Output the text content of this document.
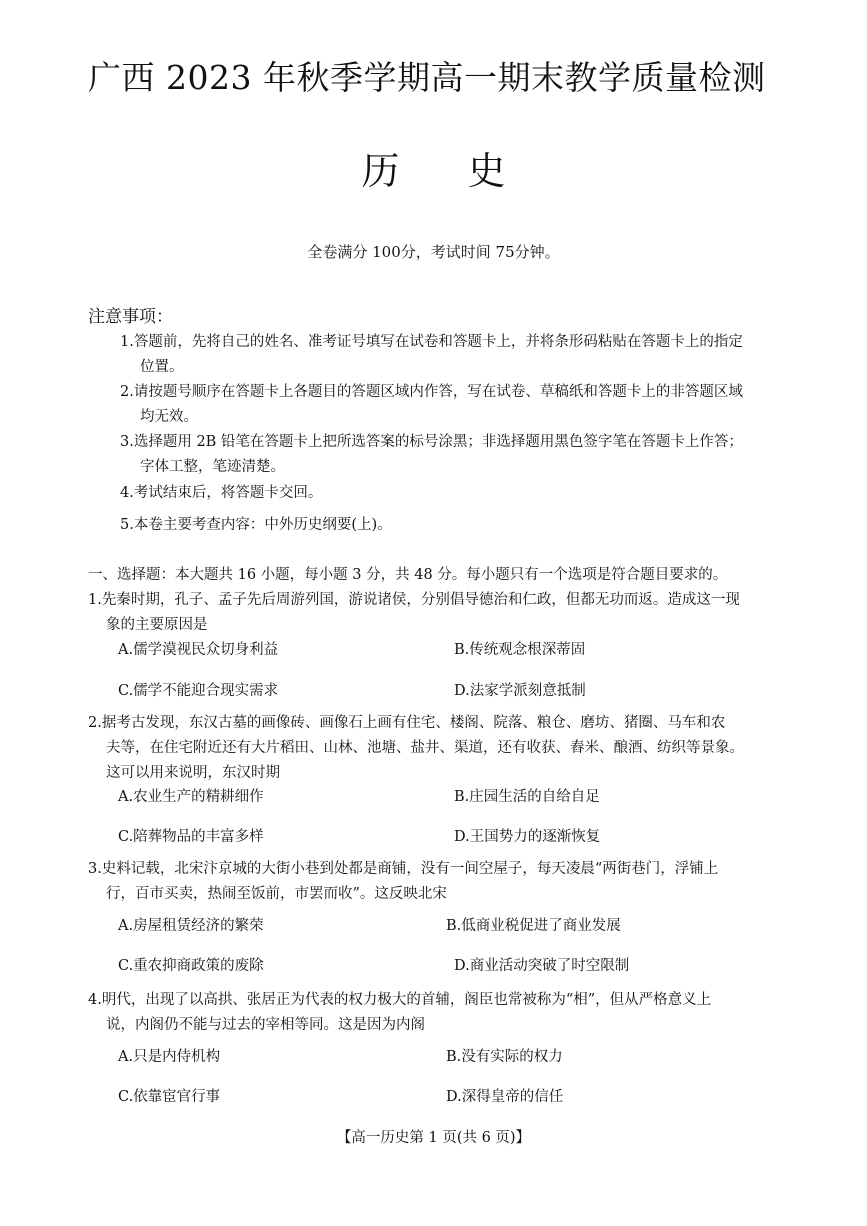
广西 2023 年秋季学期高一期末教学质量检测
历 史
全卷满分 100分，考试时间 75分钟。
注意事项：
1.答题前，先将自己的姓名、准考证号填写在试卷和答题卡上，并将条形码粘贴在答题卡上的指定
位置。
2.请按题号顺序在答题卡上各题目的答题区域内作答，写在试卷、草稿纸和答题卡上的非答题区域
均无效。
3.选择题用 2B 铅笔在答题卡上把所选答案的标号涂黑；非选择题用黑色签字笔在答题卡上作答；
字体工整，笔迹清楚。
4.考试结束后，将答题卡交回。
5.本卷主要考查内容：中外历史纲要(上)。
一、选择题：本大题共 16 小题，每小题 3 分，共 48 分。每小题只有一个选项是符合题目要求的。
1.先秦时期，孔子、孟子先后周游列国，游说诸侯，分别倡导德治和仁政，但都无功而返。造成这一现
象的主要原因是
A.儒学漠视民众切身利益	B.传统观念根深蒂固
C.儒学不能迎合现实需求	D.法家学派刻意抵制
2.据考古发现，东汉古墓的画像砖、画像石上画有住宅、楼阁、院落、粮仓、磨坊、猪圈、马车和农
夫等，在住宅附近还有大片稻田、山林、池塘、盐井、渠道，还有收获、舂米、酿酒、纺织等景象。
这可以用来说明，东汉时期
A.农业生产的精耕细作	B.庄园生活的自给自足
C.陪葬物品的丰富多样	D.王国势力的逐渐恢复
3.史料记载，北宋汴京城的大街小巷到处都是商铺，没有一间空屋子，每天凌晨“两街巷门，浮铺上
行，百市买卖，热闹至饭前，市罢而收”。这反映北宋
A.房屋租赁经济的繁荣	B.低商业税促进了商业发展
C.重农抑商政策的废除	D.商业活动突破了时空限制
4.明代，出现了以高拱、张居正为代表的权力极大的首辅，阁臣也常被称为“相”，但从严格意义上
说，内阁仍不能与过去的宰相等同。这是因为内阁
A.只是内侍机构	B.没有实际的权力
C.依靠宦官行事	D.深得皇帝的信任
【高一历史第 1 页(共 6 页)】
